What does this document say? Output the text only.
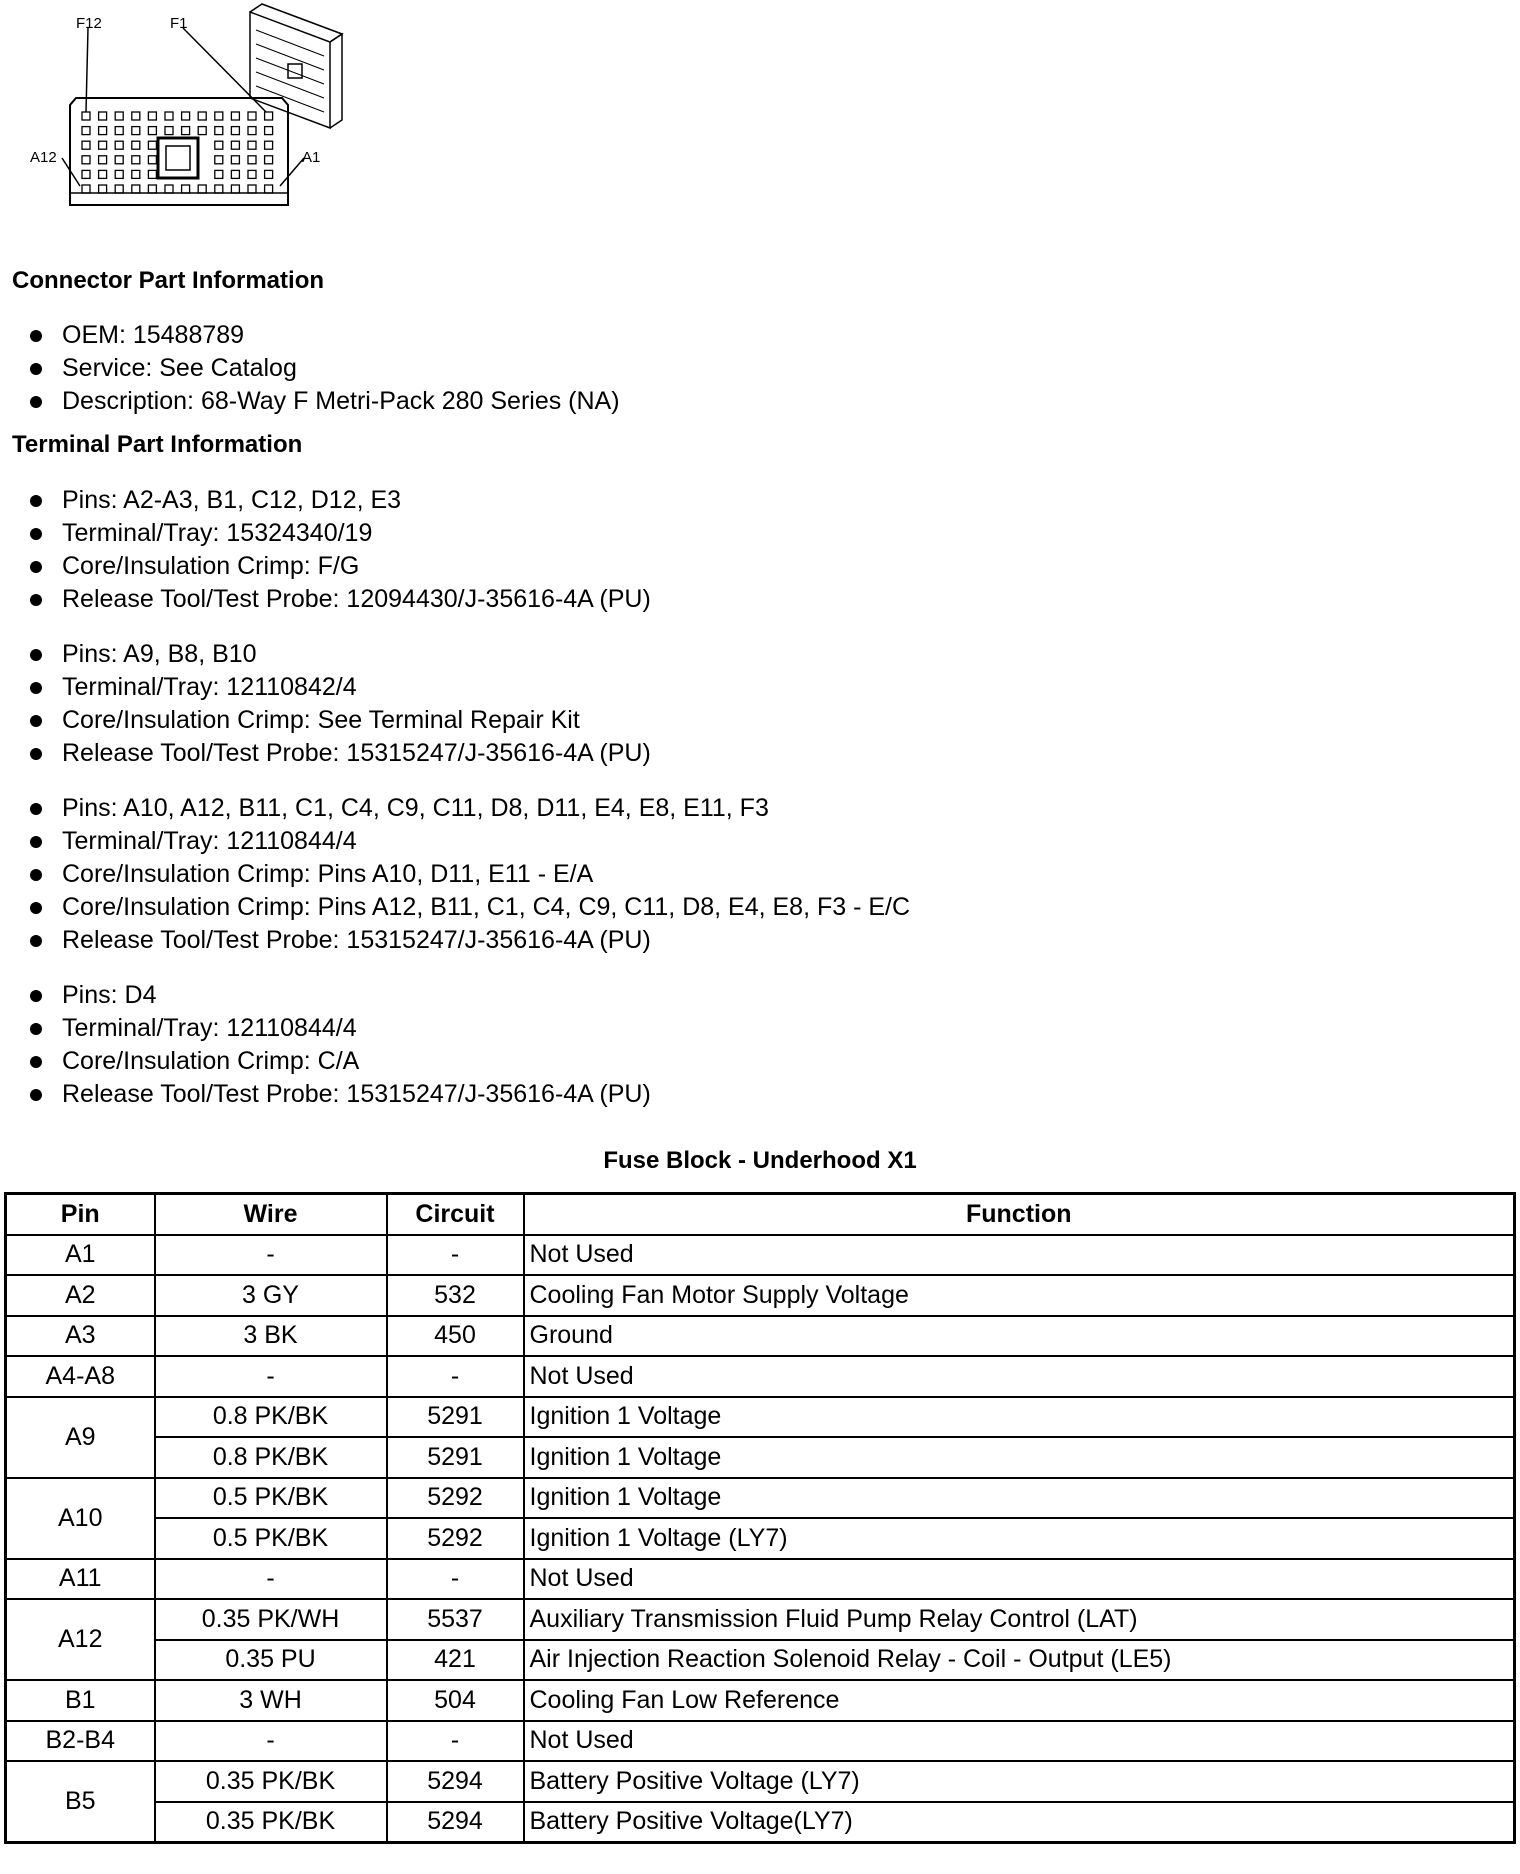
F12	F1
A12	A1
Connector Part Information
OEM: 15488789
Service: See Catalog
Description: 68-Way F Metri-Pack 280 Series (NA)
Terminal Part Information
Pins: A2-A3, B1, C12, D12, E3
Terminal/Tray: 15324340/19
Core/Insulation Crimp: F/G
Release Tool/Test Probe: 12094430/J-35616-4A (PU)
Pins: A9, B8, B10
Terminal/Tray: 12110842/4
Core/Insulation Crimp: See Terminal Repair Kit
Release Tool/Test Probe: 15315247/J-35616-4A (PU)
Pins: A10, A12, B11, C1, C4, C9, C11, D8, D11, E4, E8, E11, F3
Terminal/Tray: 12110844/4
Core/Insulation Crimp: Pins A10, D11, E11 - E/A
Core/Insulation Crimp: Pins A12, B11, C1, C4, C9, C11, D8, E4, E8, F3 - E/C
Release Tool/Test Probe: 15315247/J-35616-4A (PU)
Pins: D4
Terminal/Tray: 12110844/4
Core/Insulation Crimp: C/A
Release Tool/Test Probe: 15315247/J-35616-4A (PU)
Fuse Block - Underhood X1
Pin	Wire	Circuit	Function
A1	-	-	Not Used
A2	3 GY	532	Cooling Fan Motor Supply Voltage
A3	3 BK	450	Ground
A4-A8	-	-	Not Used
A9	0.8 PK/BK	5291	Ignition 1 Voltage
	0.8 PK/BK	5291	Ignition 1 Voltage
A10	0.5 PK/BK	5292	Ignition 1 Voltage
	0.5 PK/BK	5292	Ignition 1 Voltage (LY7)
A11	-	-	Not Used
A12	0.35 PK/WH	5537	Auxiliary Transmission Fluid Pump Relay Control (LAT)
	0.35 PU	421	Air Injection Reaction Solenoid Relay - Coil - Output (LE5)
B1	3 WH	504	Cooling Fan Low Reference
B2-B4	-	-	Not Used
B5	0.35 PK/BK	5294	Battery Positive Voltage (LY7)
	0.35 PK/BK	5294	Battery Positive Voltage(LY7)
